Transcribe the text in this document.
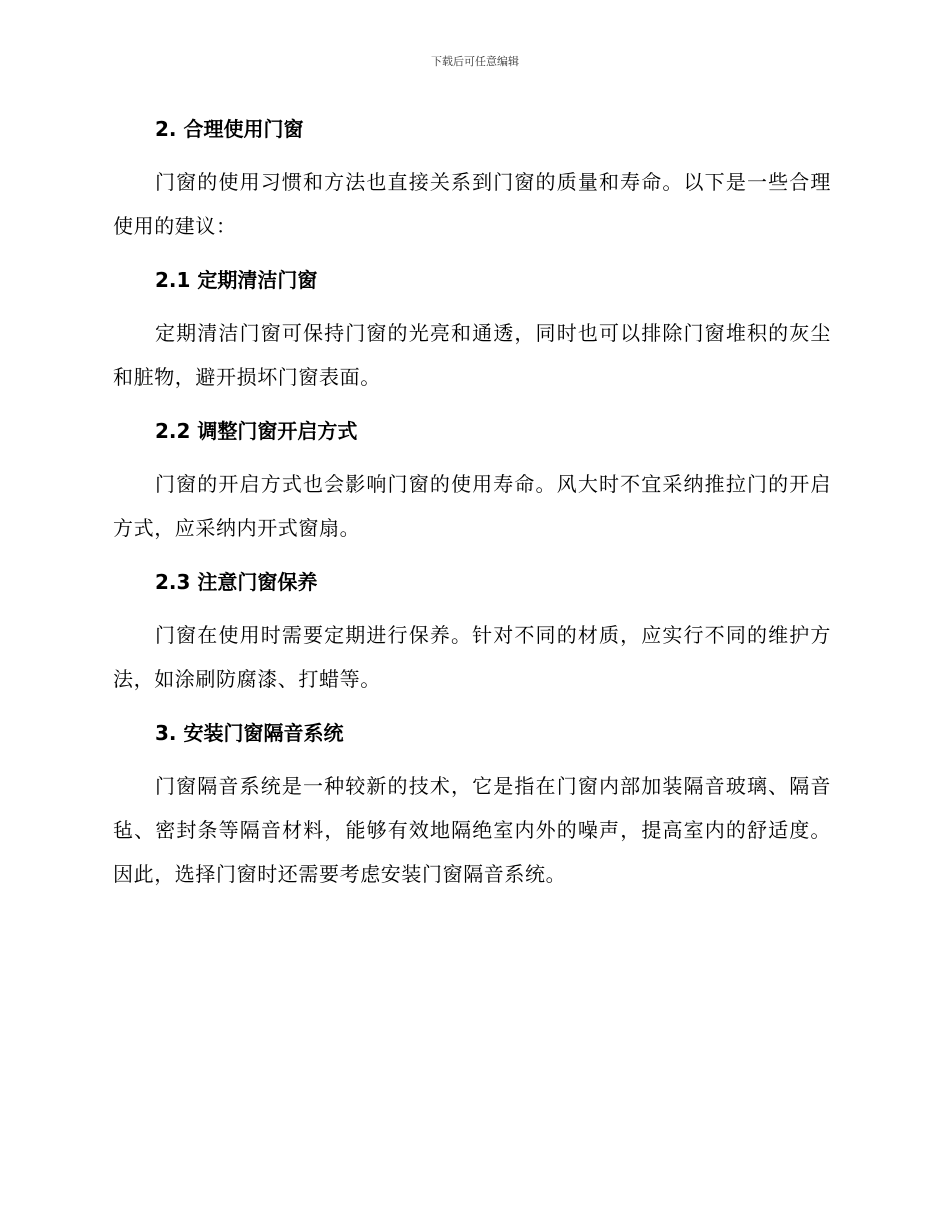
下载后可任意编辑
2. 合理使用门窗

门窗的使用习惯和方法也直接关系到门窗的质量和寿命。以下是一些合理使用的建议：

2.1 定期清洁门窗

定期清洁门窗可保持门窗的光亮和通透，同时也可以排除门窗堆积的灰尘和脏物，避开损坏门窗表面。

2.2 调整门窗开启方式

门窗的开启方式也会影响门窗的使用寿命。风大时不宜采纳推拉门的开启方式，应采纳内开式窗扇。

2.3 注意门窗保养

门窗在使用时需要定期进行保养。针对不同的材质，应实行不同的维护方法，如涂刷防腐漆、打蜡等。

3. 安装门窗隔音系统

门窗隔音系统是一种较新的技术，它是指在门窗内部加装隔音玻璃、隔音毡、密封条等隔音材料，能够有效地隔绝室内外的噪声，提高室内的舒适度。因此，选择门窗时还需要考虑安装门窗隔音系统。
